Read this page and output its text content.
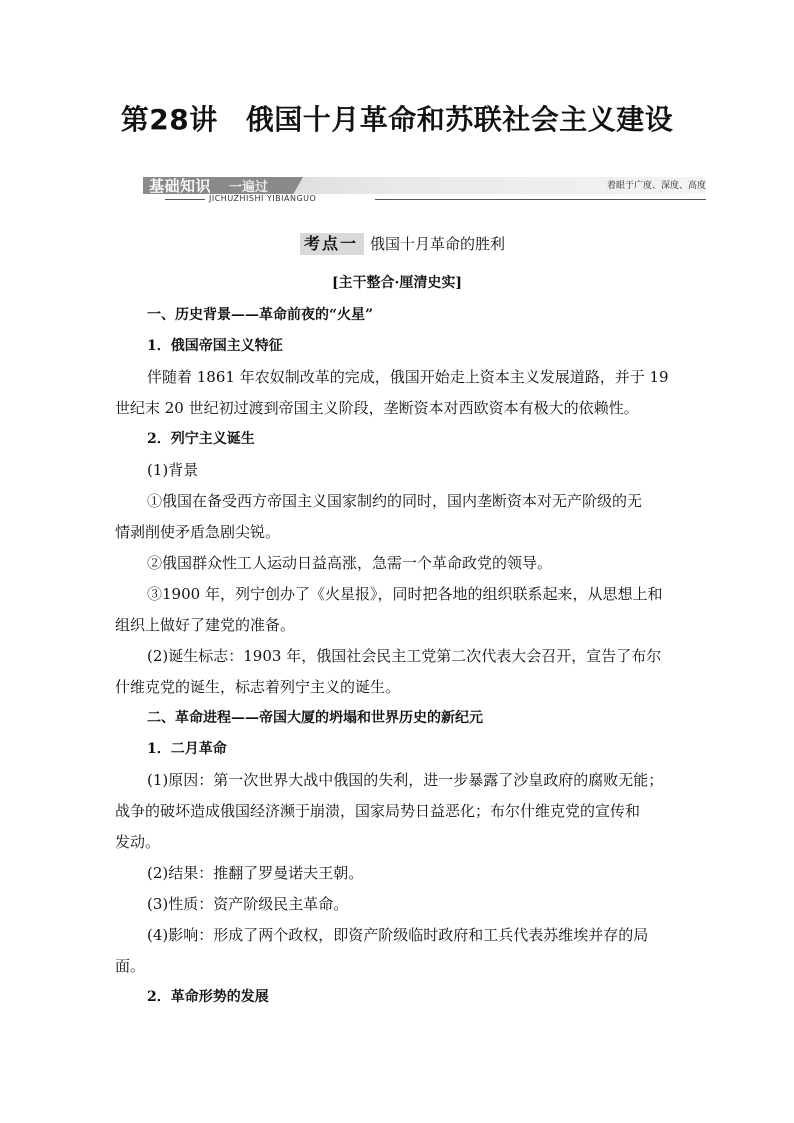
第28讲 俄国十月革命和苏联社会主义建设
基础知识 一遍过	着眼于广度、深度、高度
JICHUZHISHI YIBIANGUO
考点一 俄国十月革命的胜利
[主干整合·厘清史实]
一、历史背景——革命前夜的“火星”
1．俄国帝国主义特征
伴随着 1861 年农奴制改革的完成，俄国开始走上资本主义发展道路，并于 19
世纪末 20 世纪初过渡到帝国主义阶段，垄断资本对西欧资本有极大的依赖性。
2．列宁主义诞生
(1)背景
①俄国在备受西方帝国主义国家制约的同时，国内垄断资本对无产阶级的无
情剥削使矛盾急剧尖锐。
②俄国群众性工人运动日益高涨，急需一个革命政党的领导。
③1900 年，列宁创办了《火星报》，同时把各地的组织联系起来，从思想上和
组织上做好了建党的准备。
(2)诞生标志：1903 年，俄国社会民主工党第二次代表大会召开，宣告了布尔
什维克党的诞生，标志着列宁主义的诞生。
二、革命进程——帝国大厦的坍塌和世界历史的新纪元
1．二月革命
(1)原因：第一次世界大战中俄国的失利，进一步暴露了沙皇政府的腐败无能；
战争的破坏造成俄国经济濒于崩溃，国家局势日益恶化；布尔什维克党的宣传和
发动。
(2)结果：推翻了罗曼诺夫王朝。
(3)性质：资产阶级民主革命。
(4)影响：形成了两个政权，即资产阶级临时政府和工兵代表苏维埃并存的局
面。
2．革命形势的发展
